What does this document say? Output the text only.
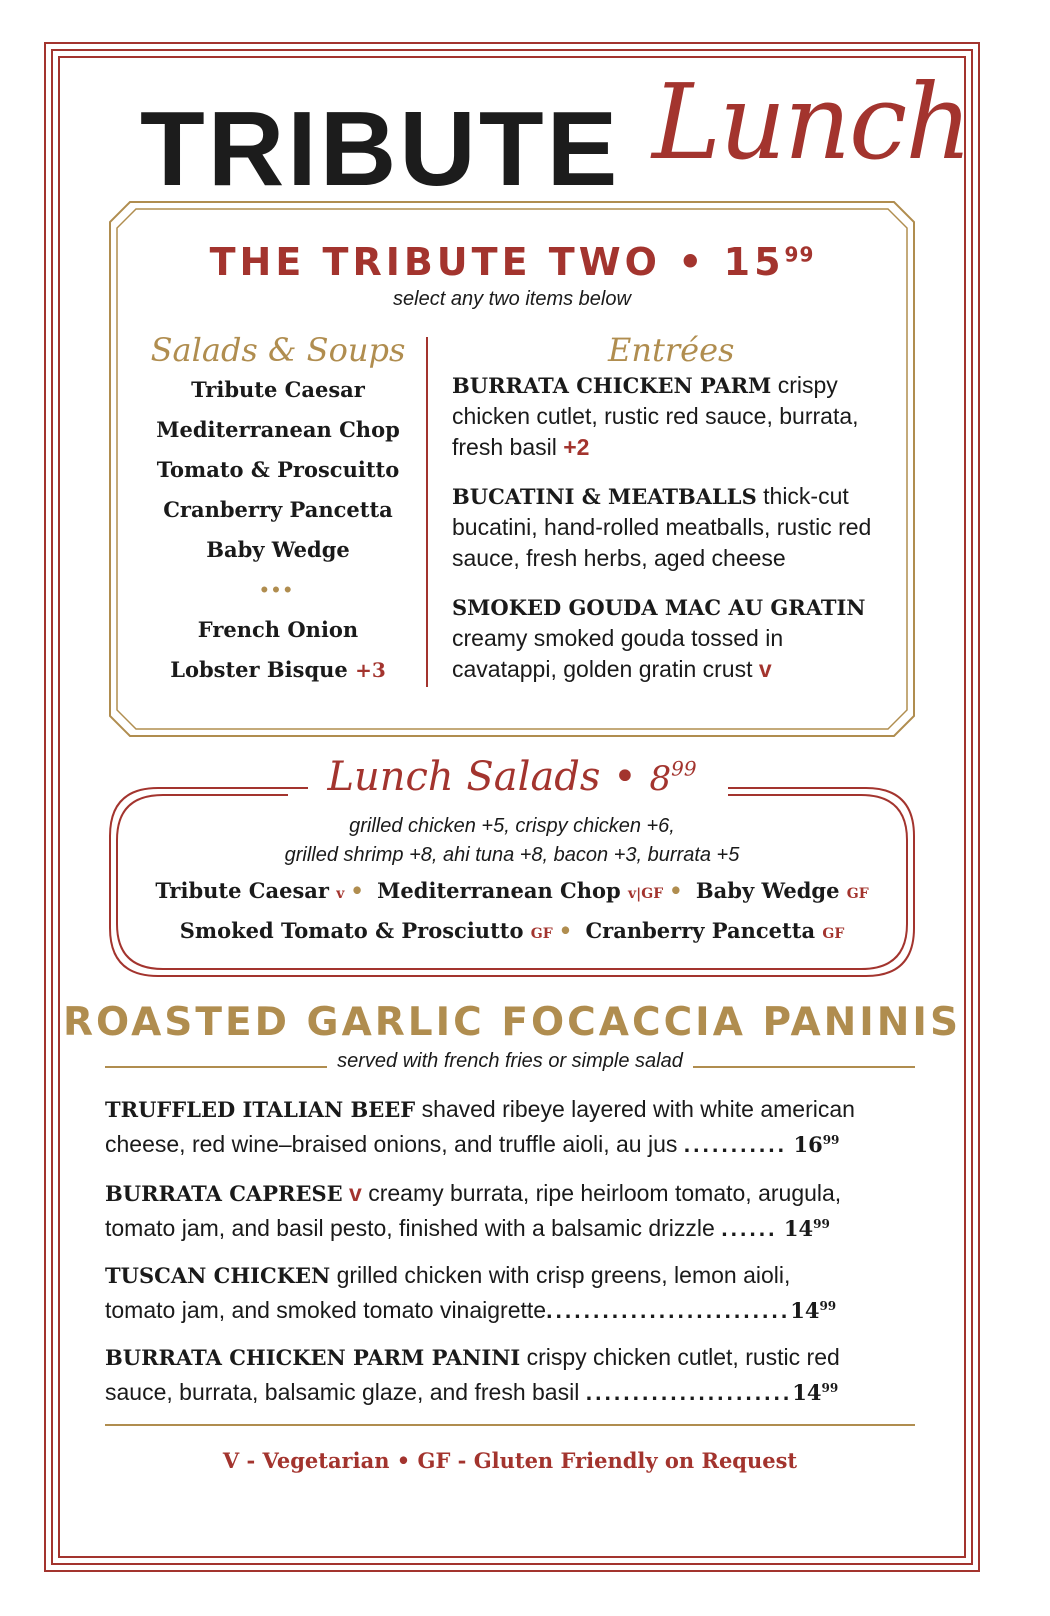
TRIBUTE Lunch
THE TRIBUTE TWO • $15^{99}$
select any two items below
Salads & Soups
Tribute Caesar
Mediterranean Chop
Tomato & Proscuitto
Cranberry Pancetta
Baby Wedge
•••
French Onion
Lobster Bisque +3
Entrées
BURRATA CHICKEN PARM crispy chicken cutlet, rustic red sauce, burrata, fresh basil +2
BUCATINI & MEATBALLS thick-cut bucatini, hand-rolled meatballs, rustic red sauce, fresh herbs, aged cheese
SMOKED GOUDA MAC AU GRATIN creamy smoked gouda tossed in cavatappi, golden gratin crust v
Lunch Salads • $8^{99}$
grilled chicken +5, crispy chicken +6,
grilled shrimp +8, ahi tuna +8, bacon +3, burrata +5
Tribute Caesar v • Mediterranean Chop v|GF • Baby Wedge GF
Smoked Tomato & Prosciutto GF • Cranberry Pancetta GF
ROASTED GARLIC FOCACCIA PANINIS
served with french fries or simple salad
TRUFFLED ITALIAN BEEF shaved ribeye layered with white american
cheese, red wine–braised onions, and truffle aioli, au jus ........... $16^{99}$
BURRATA CAPRESE v creamy burrata, ripe heirloom tomato, arugula,
tomato jam, and basil pesto, finished with a balsamic drizzle ...... $14^{99}$
TUSCAN CHICKEN grilled chicken with crisp greens, lemon aioli,
tomato jam, and smoked tomato vinaigrette..........................14$^{99}$
BURRATA CHICKEN PARM PANINI crispy chicken cutlet, rustic red
sauce, burrata, balsamic glaze, and fresh basil ......................14$^{99}$
V - Vegetarian • GF - Gluten Friendly on Request
